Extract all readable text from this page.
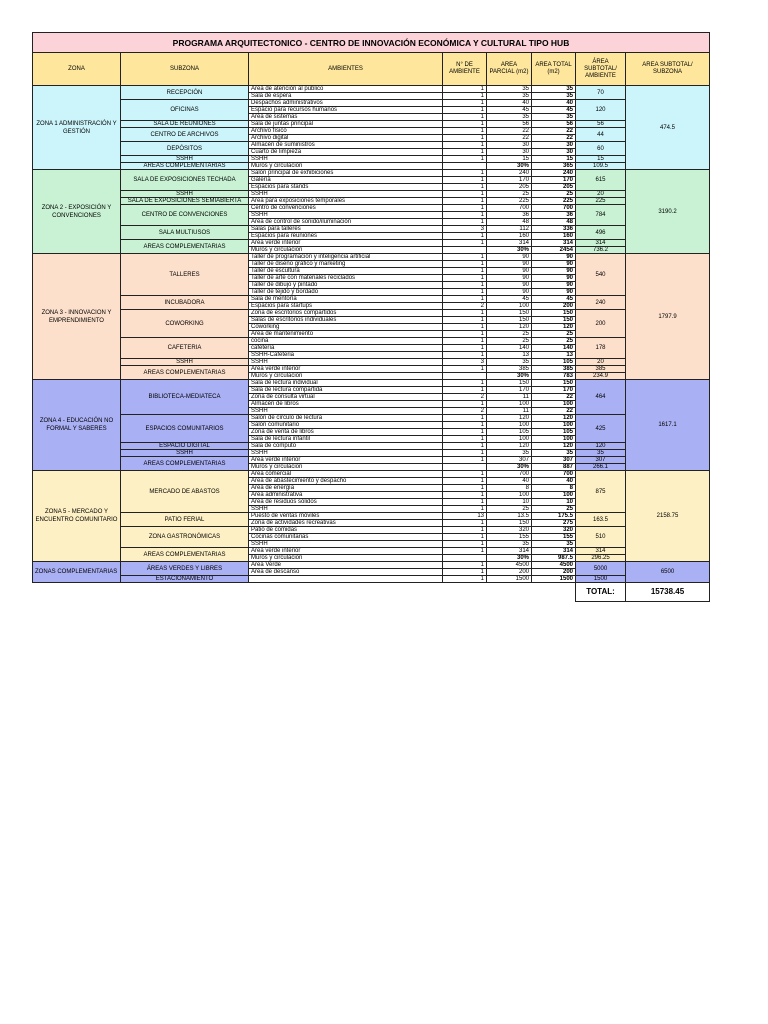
PROGRAMA ARQUITECTONICO - CENTRO DE INNOVACIÓN ECONÓMICA Y CULTURAL TIPO HUB							
ZONA	SUBZONA	AMBIENTES	N° DE AMBIENTE	AREA PARCIAL (m2)	AREA TOTAL (m2)	ÁREA SUBTOTAL/ AMBIENTE	AREA SUBTOTAL/ SUBZONA
ZONA 1 ADMINISTRACIÓN Y GESTIÓN	RECEPCIÓN	Área de atención al público	1	35	35	70	474.5
		Sala de espera	1	35	35		
	OFICINAS	Despachos administrativos	1	40	40	120	
		Espacio para recursos humanos	1	45	45		
		Área de sistemas	1	35	35		
	SALA DE REUNIONES	Sala de juntas principal	1	56	56	56	
	CENTRO DE ARCHIVOS	Archivo físico	1	22	22	44	
		Archivo digital	1	22	22		
	DEPÓSITOS	Almacén de suministros	1	30	30	60	
		Cuarto de limpieza	1	30	30		
	SSHH	SSHH	1	15	15	15	
	AREAS COMPLEMENTARIAS	Muros y circulacion		30%	365	109.5	
ZONA 2 - EXPOSICIÓN Y CONVENCIONES	SALA DE EXPOSICIONES TECHADA	Salón principal de exhibiciones	1	240	240	615	3190.2
		Galería	1	170	170		
		Espacios para stands	1	205	205		
	SSHH	SSHH	1	25	25	20	
	SALA DE EXPOSICIONES SEMIABIERTA	Área para exposiciones temporales	1	225	225	225	
	CENTRO DE CONVENCIONES	Centro de convenciones	1	700	700	784	
		SSHH	1	36	36		
		Área de control de sonido/iluminación	1	48	48		
	SALA MULTIUSOS	Salas para talleres	3	112	336	496	
		Espacios para reuniones	1	160	160		
	AREAS COMPLEMENTARIAS	Área verde interior	1	314	314	314	
		Muros y circulacion		30%	2454	736.2	
ZONA 3 - INNOVACION Y EMPRENDIMIENTO	TALLERES	Taller de programación y inteligencia artificial	1	90	90	540	1797.9
		Taller de diseño gráfico y marketing	1	90	90		
		Taller de escultura	1	90	90		
		Taller de arte con materiales reciclados	1	90	90		
		Taller de dibujo y pintado	1	90	90		
		Taller de tejido y bordado	1	90	90		
	INCUBADORA	Sala de mentoría	1	45	45	240	
		Espacios para startups	2	100	200		
	COWORKING	Zona de escritorios compartidos	1	150	150	200	
		Salas de escritorios individuales	1	150	150		
		Coworking	1	120	120		
		Área de mantenimiento	1	25	25		
	CAFETERIA	cocina	1	25	25	178	
		cafetería	1	140	140		
		SSHH-Cafeteria	1	13	13		
	SSHH	SSHH	3	35	105	20	
	AREAS COMPLEMENTARIAS	Área verde interior	1	385	385	385	
		Muros y circulacion		30%	783	234.9	
ZONA 4 - EDUCACIÓN NO FORMAL Y SABERES	BIBLIOTECA-MEDIATECA	Sala de lectura individual	1	150	150	464	1617.1
		Sala de lectura compartida	1	170	170		
		Zona de consulta virtual	2	11	22		
		Almacén de libros	1	100	100		
		SSHH	2	11	22		
	ESPACIOS COMUNITARIOS	Salón de círculo de lectura	1	120	120	425	
		Salón comunitario	1	100	100		
		Zona de venta de libros	1	105	105		
		Sala de lectura infantil	1	100	100		
	ESPACIO DIGITAL	Sala de computo	1	120	120	120	
	SSHH	SSHH	1	35	35	35	
	AREAS COMPLEMENTARIAS	Área verde interior	1	307	307	307	
		Muros y circulacion		30%	887	266.1	
ZONA 5 - MERCADO Y ENCUENTRO COMUNITARIO	MERCADO DE ABASTOS	Área comercial	1	700	700	875	2158.75
		Área de abastecimiento y despacho	1	40	40		
		Área de energía	1	8	8		
		Área administrativa	1	100	100		
		Área de residuos sólidos	1	10	10		
		SSHH	1	25	25		
	PATIO FERIAL	Puesto de ventas móviles	13	13.5	175.5	163.5	
		Zona de actividades recreativas	1	150	275		
	ZONA GASTRONÓMICAS	Patio de comidas	1	320	320	510	
		Cocinas comunitarias	1	155	155		
		SSHH	1	35	35		
	AREAS COMPLEMENTARIAS	Área verde interior	1	314	314	314	
		Muros y circulacion		30%	987.5	296.25	
ZONAS COMPLEMENTARIAS	ÁREAS VERDES Y LIBRES	Área Verde	1	4500	4500	5000	6500
		Área de descanso	1	200	200		
	ESTACIONAMIENTO		1	1500	1500	1500	
						TOTAL:	15738.45
